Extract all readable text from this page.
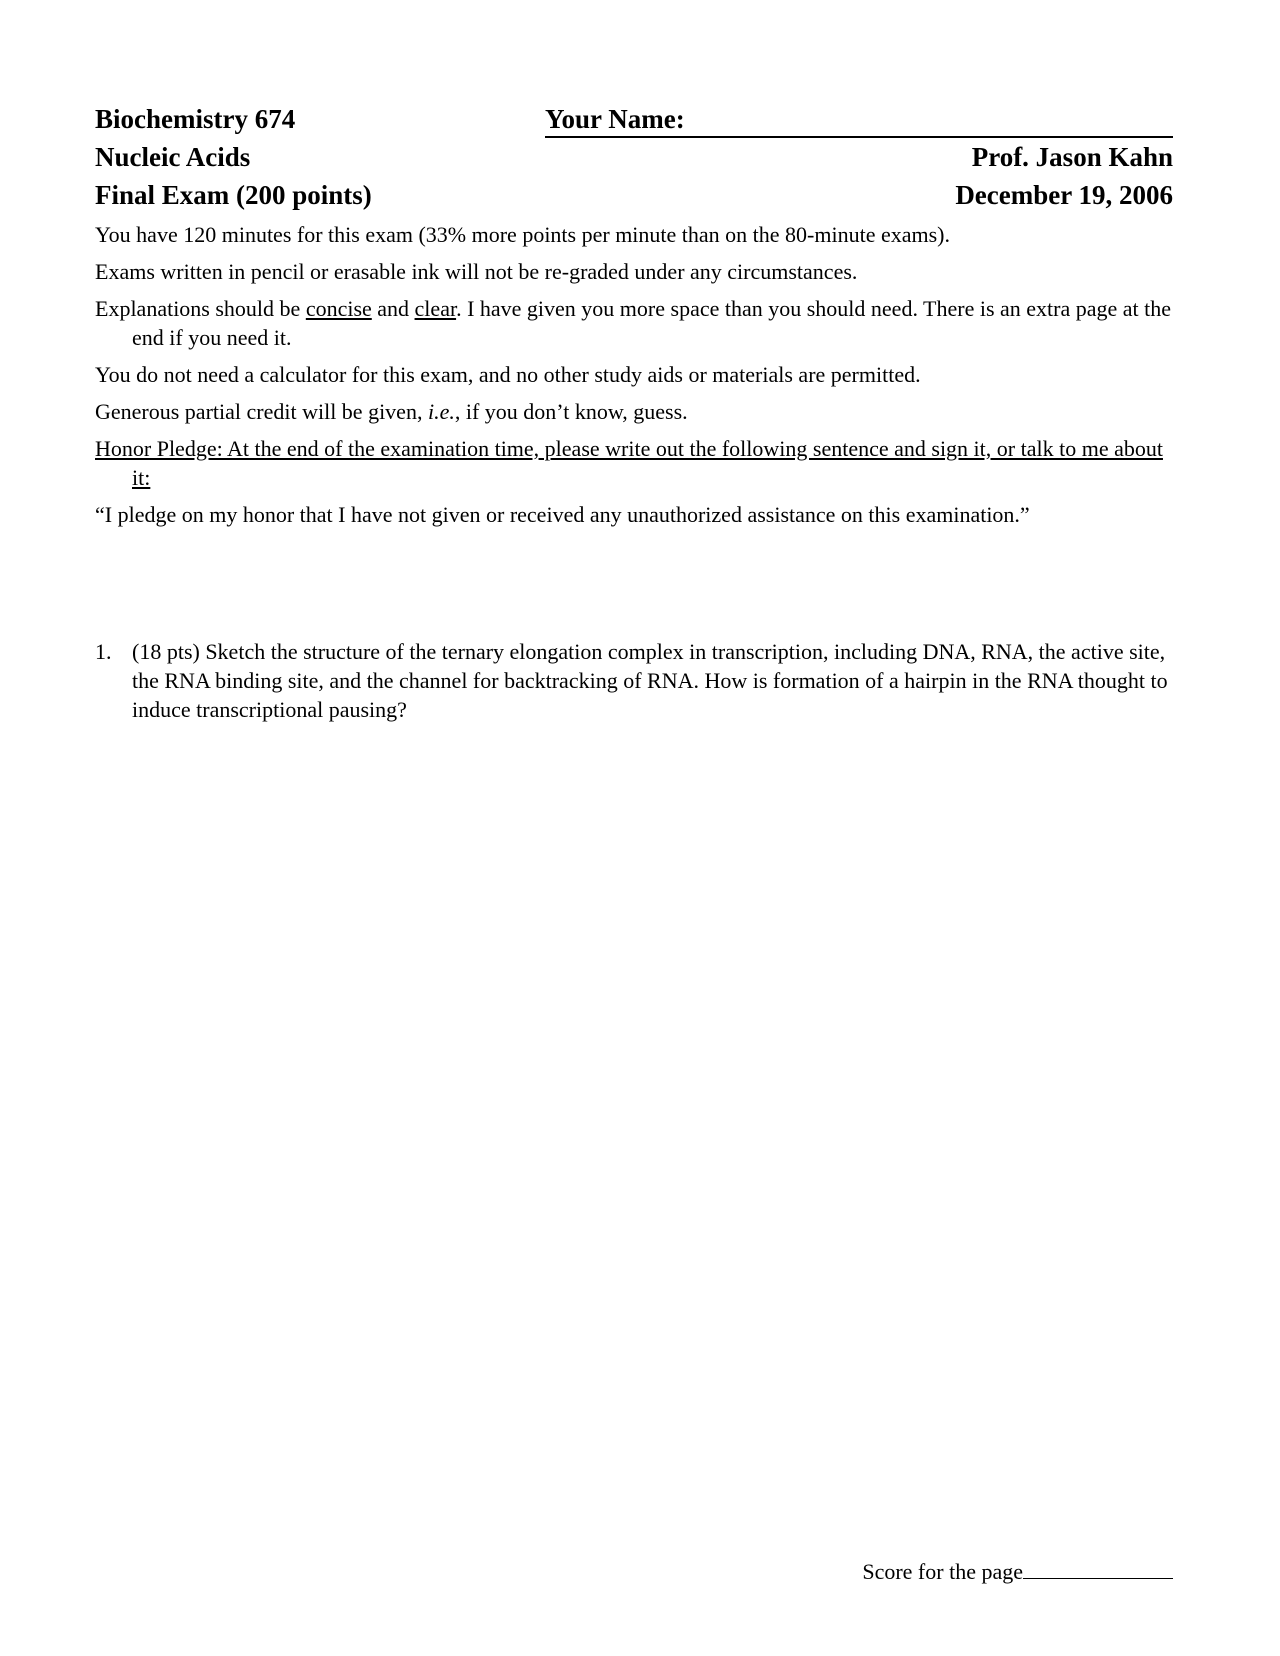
Biochemistry 674	Your Name:
Nucleic Acids	Prof. Jason Kahn
Final Exam (200 points)	December 19, 2006
You have 120 minutes for this exam (33% more points per minute than on the 80-minute exams).
Exams written in pencil or erasable ink will not be re-graded under any circumstances.
Explanations should be concise and clear. I have given you more space than you should need. There is an extra page at the end if you need it.
You do not need a calculator for this exam, and no other study aids or materials are permitted.
Generous partial credit will be given, i.e., if you don’t know, guess.
Honor Pledge: At the end of the examination time, please write out the following sentence and sign it, or talk to me about it:
“I pledge on my honor that I have not given or received any unauthorized assistance on this examination.”
1. (18 pts) Sketch the structure of the ternary elongation complex in transcription, including DNA, RNA, the active site, the RNA binding site, and the channel for backtracking of RNA. How is formation of a hairpin in the RNA thought to induce transcriptional pausing?
Score for the page
